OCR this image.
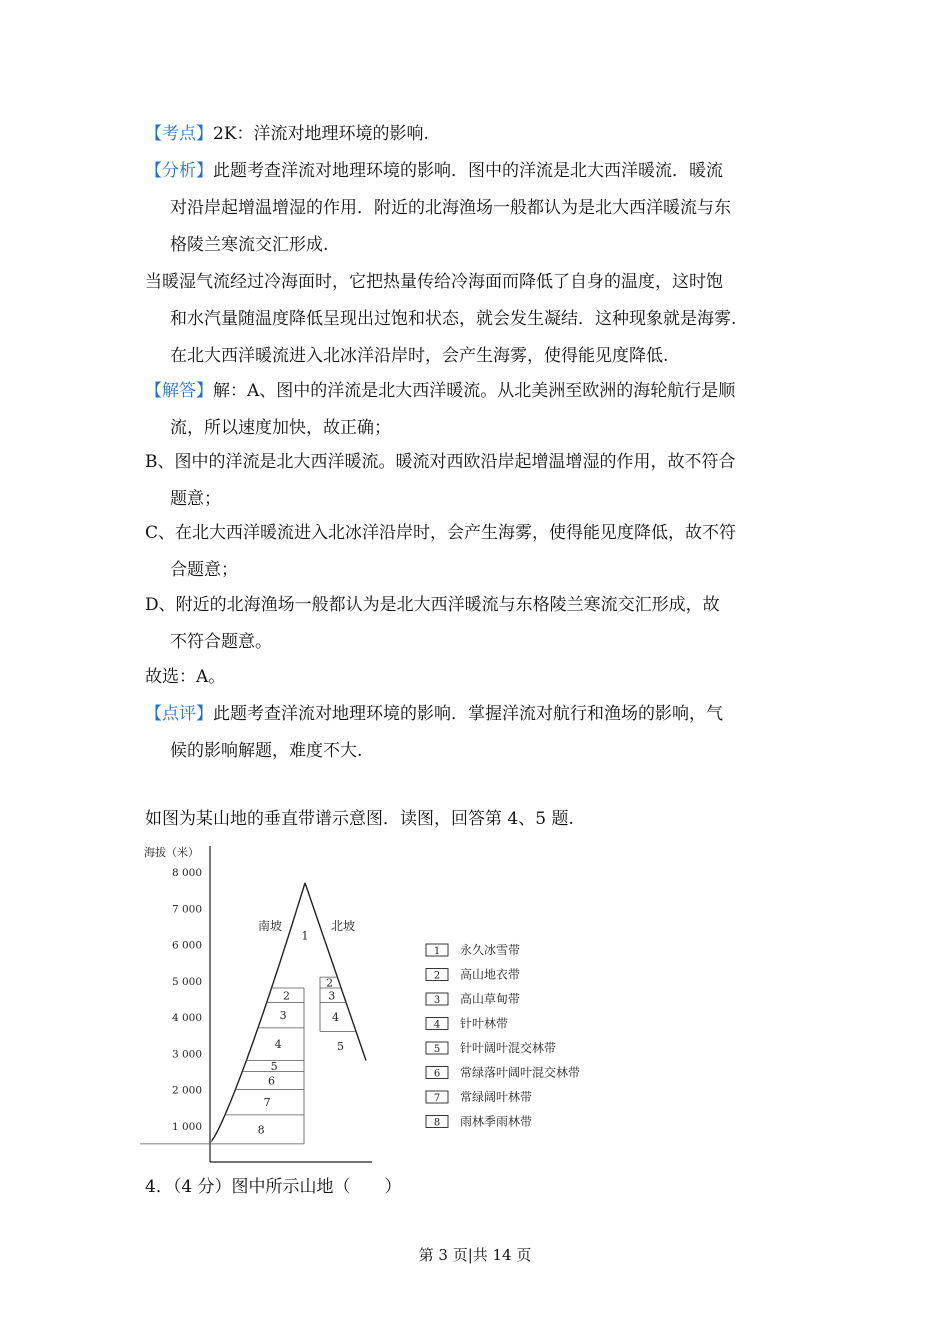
【考点】2K：洋流对地理环境的影响.
【分析】此题考查洋流对地理环境的影响．图中的洋流是北大西洋暖流．暖流
对沿岸起增温增湿的作用．附近的北海渔场一般都认为是北大西洋暖流与东
格陵兰寒流交汇形成.
当暖湿气流经过冷海面时，它把热量传给冷海面而降低了自身的温度，这时饱
和水汽量随温度降低呈现出过饱和状态，就会发生凝结．这种现象就是海雾.
在北大西洋暖流进入北冰洋沿岸时，会产生海雾，使得能见度降低.
【解答】解：A、图中的洋流是北大西洋暖流。从北美洲至欧洲的海轮航行是顺
流，所以速度加快，故正确；
B、图中的洋流是北大西洋暖流。暖流对西欧沿岸起增温增湿的作用，故不符合
题意；
C、在北大西洋暖流进入北冰洋沿岸时，会产生海雾，使得能见度降低，故不符
合题意；
D、附近的北海渔场一般都认为是北大西洋暖流与东格陵兰寒流交汇形成，故
不符合题意。
故选：A。
【点评】此题考查洋流对地理环境的影响．掌握洋流对航行和渔场的影响，气
候的影响解题，难度不大.
如图为某山地的垂直带谱示意图．读图，回答第 4、5 题.
海拔（米）
8 000
7 000
6 000
5 000
4 000
3 000
2 000
1 000
1
2
3
4
5
6
7
8
2
3
4
5
南坡	北坡
1 永久冰雪带
2 高山地衣带
3 高山草甸带
4 针叶林带
5 针叶阔叶混交林带
6 常绿落叶阔叶混交林带
7 常绿阔叶林带
8 雨林季雨林带
4．（4 分）图中所示山地（　　）
第 3 页|共 14 页
